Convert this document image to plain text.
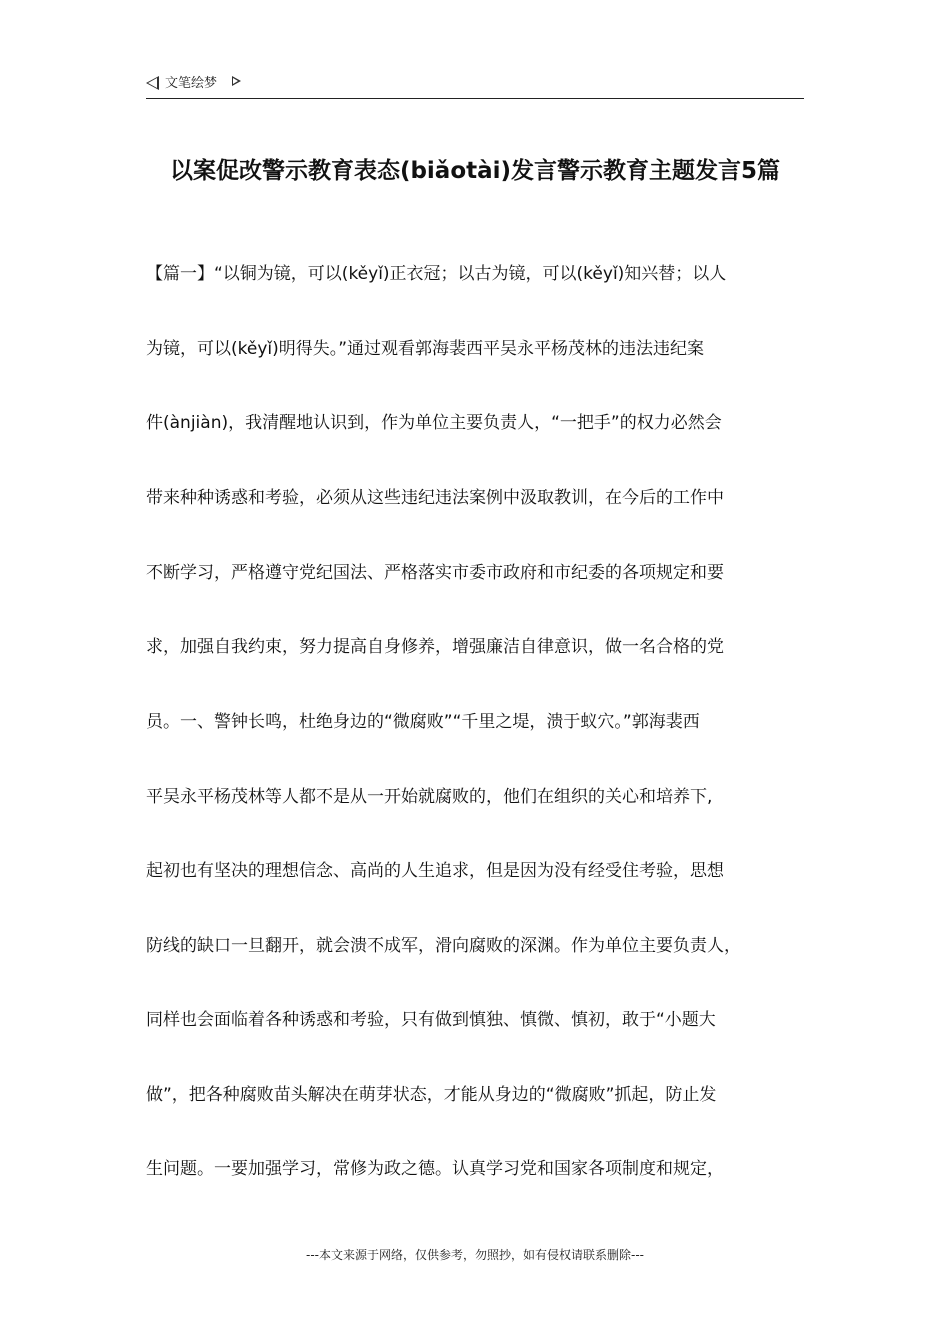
文笔绘梦
以案促改警示教育表态(biǎotài)发言警示教育主题发言5篇
【篇一】“以铜为镜，可以(kěyǐ)正衣冠；以古为镜，可以(kěyǐ)知兴替；以人
为镜，可以(kěyǐ)明得失。”通过观看郭海裴西平吴永平杨茂林的违法违纪案
件(ànjiàn)，我清醒地认识到，作为单位主要负责人，“一把手”的权力必然会
带来种种诱惑和考验，必须从这些违纪违法案例中汲取教训，在今后的工作中
不断学习，严格遵守党纪国法、严格落实市委市政府和市纪委的各项规定和要
求，加强自我约束，努力提高自身修养，增强廉洁自律意识，做一名合格的党
员。一、警钟长鸣，杜绝身边的“微腐败”“千里之堤，溃于蚁穴。”郭海裴西
平吴永平杨茂林等人都不是从一开始就腐败的，他们在组织的关心和培养下,
起初也有坚决的理想信念、高尚的人生追求，但是因为没有经受住考验，思想
防线的缺口一旦翻开，就会溃不成军，滑向腐败的深渊。作为单位主要负责人，
同样也会面临着各种诱惑和考验，只有做到慎独、慎微、慎初，敢于“小题大
做”，把各种腐败苗头解决在萌芽状态，才能从身边的“微腐败”抓起，防止发
生问题。一要加强学习，常修为政之德。认真学习党和国家各项制度和规定，
---本文来源于网络，仅供参考，勿照抄，如有侵权请联系删除---
